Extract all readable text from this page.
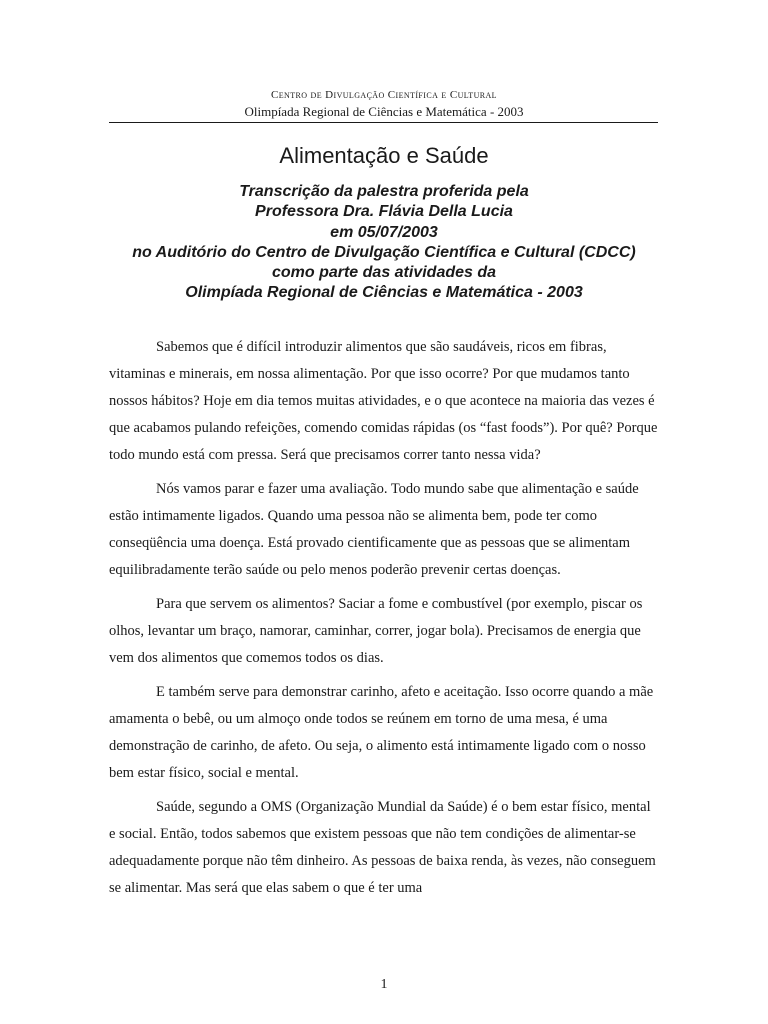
Centro de Divulgação Científica e Cultural
Olimpíada Regional de Ciências e Matemática - 2003
Alimentação e Saúde
Transcrição da palestra proferida pela
Professora Dra. Flávia Della Lucia
em 05/07/2003
no Auditório do Centro de Divulgação Científica e Cultural (CDCC)
como parte das atividades da
Olimpíada Regional de Ciências e Matemática - 2003

Sabemos que é difícil introduzir alimentos que são saudáveis, ricos em fibras, vitaminas e minerais, em nossa alimentação. Por que isso ocorre? Por que mudamos tanto nossos hábitos? Hoje em dia temos muitas atividades, e o que acontece na maioria das vezes é que acabamos pulando refeições, comendo comidas rápidas (os “fast foods”). Por quê? Porque todo mundo está com pressa. Será que precisamos correr tanto nessa vida?

Nós vamos parar e fazer uma avaliação. Todo mundo sabe que alimentação e saúde estão intimamente ligados. Quando uma pessoa não se alimenta bem, pode ter como conseqüência uma doença. Está provado cientificamente que as pessoas que se alimentam equilibradamente terão saúde ou pelo menos poderão prevenir certas doenças.

Para que servem os alimentos? Saciar a fome e combustível (por exemplo, piscar os olhos, levantar um braço, namorar, caminhar, correr, jogar bola). Precisamos de energia que vem dos alimentos que comemos todos os dias.

E também serve para demonstrar carinho, afeto e aceitação. Isso ocorre quando a mãe amamenta o bebê, ou um almoço onde todos se reúnem em torno de uma mesa, é uma demonstração de carinho, de afeto. Ou seja, o alimento está intimamente ligado com o nosso bem estar físico, social e mental.

Saúde, segundo a OMS (Organização Mundial da Saúde) é o bem estar físico, mental e social. Então, todos sabemos que existem pessoas que não tem condições de alimentar-se adequadamente porque não têm dinheiro. As pessoas de baixa renda, às vezes, não conseguem se alimentar. Mas será que elas sabem o que é ter uma

1
